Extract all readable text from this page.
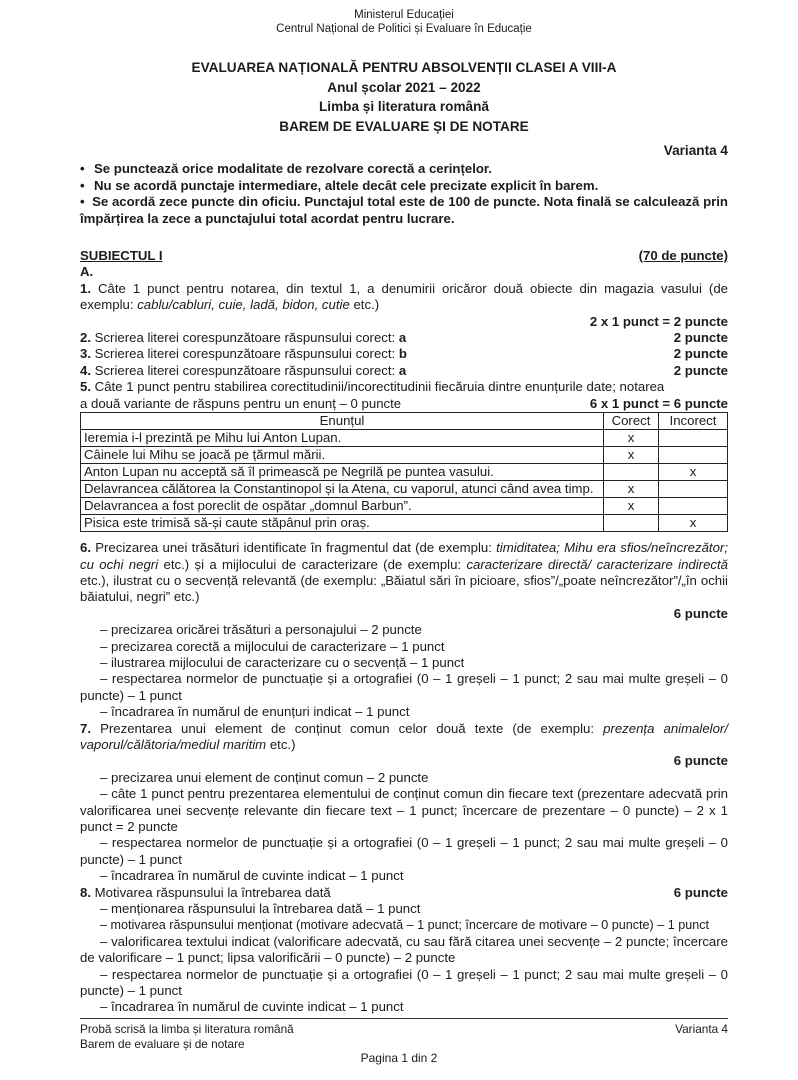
Ministerul Educației
Centrul Național de Politici și Evaluare în Educație
EVALUAREA NAȚIONALĂ PENTRU ABSOLVENȚII CLASEI A VIII-A
Anul școlar 2021 – 2022
Limba și literatura română
BAREM DE EVALUARE ȘI DE NOTARE
Varianta 4
• Se punctează orice modalitate de rezolvare corectă a cerințelor.
• Nu se acordă punctaje intermediare, altele decât cele precizate explicit în barem.
•  Se acordă zece puncte din oficiu. Punctajul total este de 100 de puncte. Nota finală se calculează prin împărțirea la zece a punctajului total acordat pentru lucrare.
SUBIECTUL I	(70 de puncte)
A.
1. Câte 1 punct pentru notarea, din textul 1, a denumirii oricăror două obiecte din magazia vasului (de exemplu: cablu/cabluri, cuie, ladă, bidon, cutie etc.)
2 x 1 punct = 2 puncte
2. Scrierea literei corespunzătoare răspunsului corect: a	2 puncte
3. Scrierea literei corespunzătoare răspunsului corect: b	2 puncte
4. Scrierea literei corespunzătoare răspunsului corect: a	2 puncte
5. Câte 1 punct pentru stabilirea corectitudinii/incorectitudinii fiecăruia dintre enunțurile date; notarea
a două variante de răspuns pentru un enunț – 0 puncte	6 x 1 punct = 6 puncte
Enunțul	Corect	Incorect
Ieremia i-l prezintă pe Mihu lui Anton Lupan.	x	
Câinele lui Mihu se joacă pe țărmul mării.	x	
Anton Lupan nu acceptă să îl primească pe Negrilă pe puntea vasului.		x
Delavrancea călătorea la Constantinopol și la Atena, cu vaporul, atunci când avea timp.	x	
Delavrancea a fost poreclit de ospătar „domnul Barbun”.	x	
Pisica este trimisă să-și caute stăpânul prin oraș.		x
6. Precizarea unei trăsături identificate în fragmentul dat (de exemplu: timiditatea; Mihu era sfios/neîncrezător; cu ochi negri etc.) și a mijlocului de caracterizare (de exemplu: caracterizare directă/ caracterizare indirectă etc.), ilustrat cu o secvență relevantă (de exemplu: „Băiatul sări în picioare, sfios”/„poate neîncrezător”/„în ochii băiatului, negri” etc.)
6 puncte
– precizarea oricărei trăsături a personajului – 2 puncte
– precizarea corectă a mijlocului de caracterizare – 1 punct
– ilustrarea mijlocului de caracterizare cu o secvență – 1 punct
– respectarea normelor de punctuație și a ortografiei (0 – 1 greșeli – 1 punct; 2 sau mai multe greșeli – 0 puncte) – 1 punct
– încadrarea în numărul de enunțuri indicat – 1 punct
7. Prezentarea unui element de conținut comun celor două texte (de exemplu: prezența animalelor/ vaporul/călătoria/mediul maritim etc.)
6 puncte
– precizarea unui element de conținut comun – 2 puncte
– câte 1 punct pentru prezentarea elementului de conținut comun din fiecare text (prezentare adecvată prin valorificarea unei secvențe relevante din fiecare text – 1 punct; încercare de prezentare – 0 puncte) – 2 x 1 punct = 2 puncte
– respectarea normelor de punctuație și a ortografiei (0 – 1 greșeli – 1 punct; 2 sau mai multe greșeli – 0 puncte) – 1 punct
– încadrarea în numărul de cuvinte indicat – 1 punct
8. Motivarea răspunsului la întrebarea dată	6 puncte
– menționarea răspunsului la întrebarea dată – 1 punct
– motivarea răspunsului menționat (motivare adecvată – 1 punct; încercare de motivare – 0 puncte) – 1 punct
– valorificarea textului indicat (valorificare adecvată, cu sau fără citarea unei secvențe – 2 puncte; încercare de valorificare – 1 punct; lipsa valorificării – 0 puncte) – 2 puncte
– respectarea normelor de punctuație și a ortografiei (0 – 1 greșeli – 1 punct; 2 sau mai multe greșeli – 0 puncte) – 1 punct
– încadrarea în numărul de cuvinte indicat – 1 punct
Probă scrisă la limba și literatura română	Varianta 4
Barem de evaluare și de notare
Pagina 1 din 2
